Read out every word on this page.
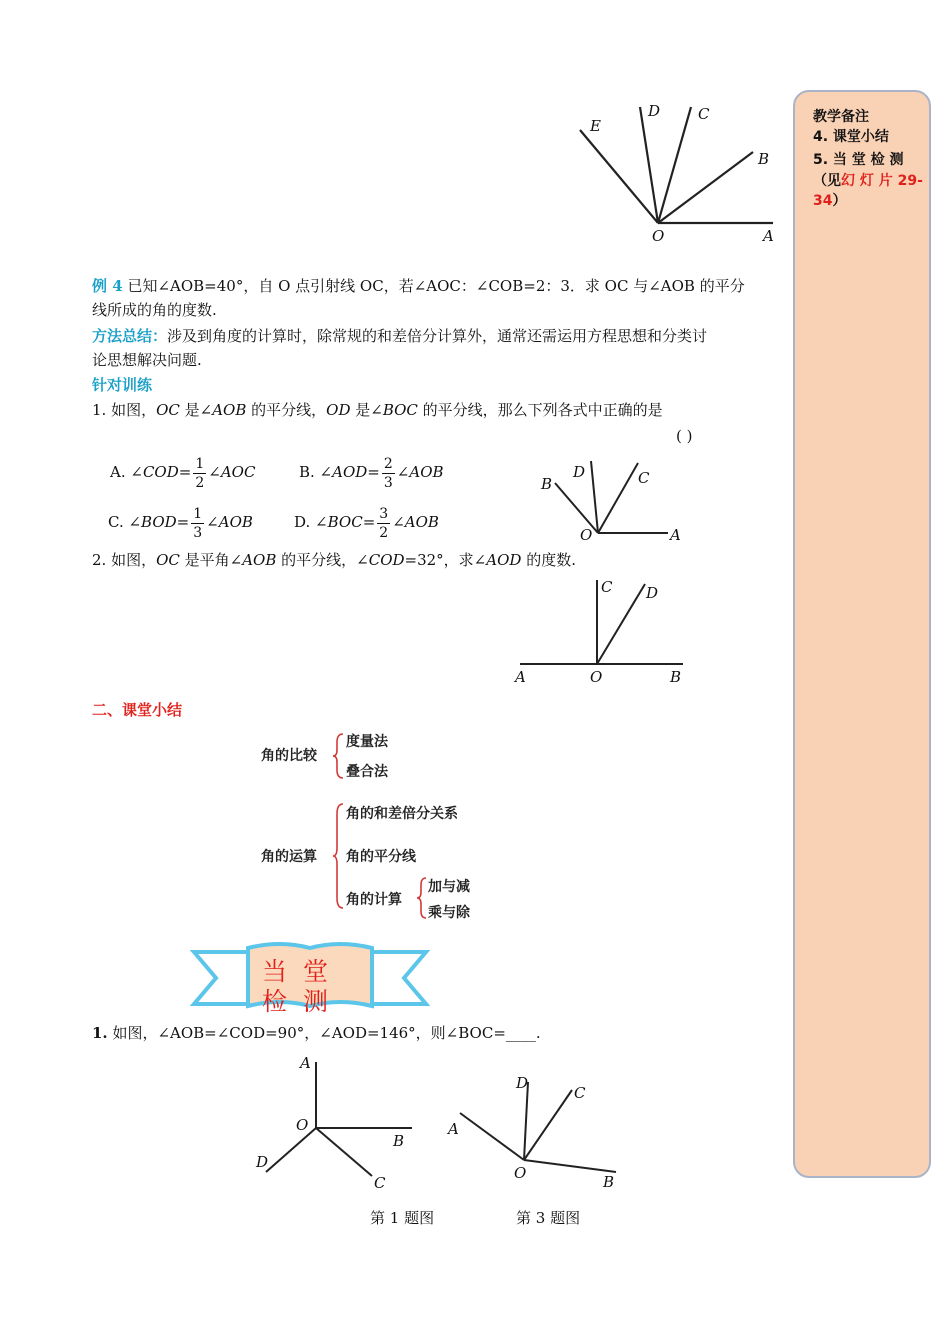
教学备注
4. 课堂小结
5. 当 堂 检 测
（见幻 灯 片 29-34）
E
D	C
B
O	A
例 4 已知∠AOB=40°，自 O 点引射线 OC，若∠AOC：∠COB=2：3．求 OC 与∠AOB 的平分
线所成的角的度数.
方法总结：涉及到角度的计算时，除常规的和差倍分计算外，通常还需运用方程思想和分类讨
论思想解决问题.
针对训练
1. 如图，OC 是∠AOB 的平分线，OD 是∠BOC 的平分线，那么下列各式中正确的是
( )
A. ∠COD= $\frac{1}{2}$ ∠AOC	B. ∠AOD= $\frac{2}{3}$ ∠AOB
C. ∠BOD= $\frac{1}{3}$ ∠AOB	D. ∠BOC= $\frac{3}{2}$ ∠AOB
B
D	C
O	A
2. 如图，OC 是平角∠AOB 的平分线，∠COD=32°，求∠AOD 的度数.
C D
A	O	B
二、课堂小结
角的比较
度量法
叠合法
角的运算
角的和差倍分关系
角的平分线
角的计算
加与减
乘与除
当 堂 检 测
1. 如图，∠AOB=∠COD=90°，∠AOD=146°，则∠BOC=____.
A
O
B
D
C
D
C
A
O	B
第 1 题图	第 3 题图
